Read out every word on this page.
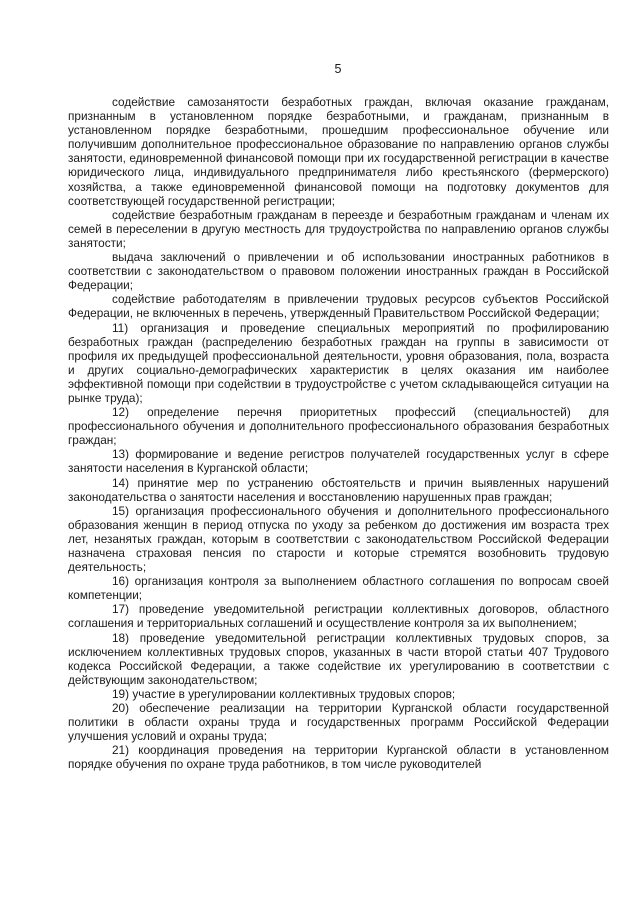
5

содействие самозанятости безработных граждан, включая оказание гражданам, признанным в установленном порядке безработными, и гражданам, признанным в установленном порядке безработными, прошедшим профессиональное обучение или получившим дополнительное профессиональное образование по направлению органов службы занятости, единовременной финансовой помощи при их государственной регистрации в качестве юридического лица, индивидуального предпринимателя либо крестьянского (фермерского) хозяйства, а также единовременной финансовой помощи на подготовку документов для соответствующей государственной регистрации;

содействие безработным гражданам в переезде и безработным гражданам и членам их семей в переселении в другую местность для трудоустройства по направлению органов службы занятости;

выдача заключений о привлечении и об использовании иностранных работников в соответствии с законодательством о правовом положении иностранных граждан в Российской Федерации;

содействие работодателям в привлечении трудовых ресурсов субъектов Российской Федерации, не включенных в перечень, утвержденный Правительством Российской Федерации;

11) организация и проведение специальных мероприятий по профилированию безработных граждан (распределению безработных граждан на группы в зависимости от профиля их предыдущей профессиональной деятельности, уровня образования, пола, возраста и других социально-демографических характеристик в целях оказания им наиболее эффективной помощи при содействии в трудоустройстве с учетом складывающейся ситуации на рынке труда);

12) определение перечня приоритетных профессий (специальностей) для профессионального обучения и дополнительного профессионального образования безработных граждан;

13) формирование и ведение регистров получателей государственных услуг в сфере занятости населения в Курганской области;

14) принятие мер по устранению обстоятельств и причин выявленных нарушений законодательства о занятости населения и восстановлению нарушенных прав граждан;

15) организация профессионального обучения и дополнительного профессионального образования женщин в период отпуска по уходу за ребенком до достижения им возраста трех лет, незанятых граждан, которым в соответствии с законодательством Российской Федерации назначена страховая пенсия по старости и которые стремятся возобновить трудовую деятельность;

16) организация контроля за выполнением областного соглашения по вопросам своей компетенции;

17) проведение уведомительной регистрации коллективных договоров, областного соглашения и территориальных соглашений и осуществление контроля за их выполнением;

18) проведение уведомительной регистрации коллективных трудовых споров, за исключением коллективных трудовых споров, указанных в части второй статьи 407 Трудового кодекса Российской Федерации, а также содействие их урегулированию в соответствии с действующим законодательством;

19) участие в урегулировании коллективных трудовых споров;

20) обеспечение реализации на территории Курганской области государственной политики в области охраны труда и государственных программ Российской Федерации улучшения условий и охраны труда;

21) координация проведения на территории Курганской области в установленном порядке обучения по охране труда работников, в том числе руководителей
